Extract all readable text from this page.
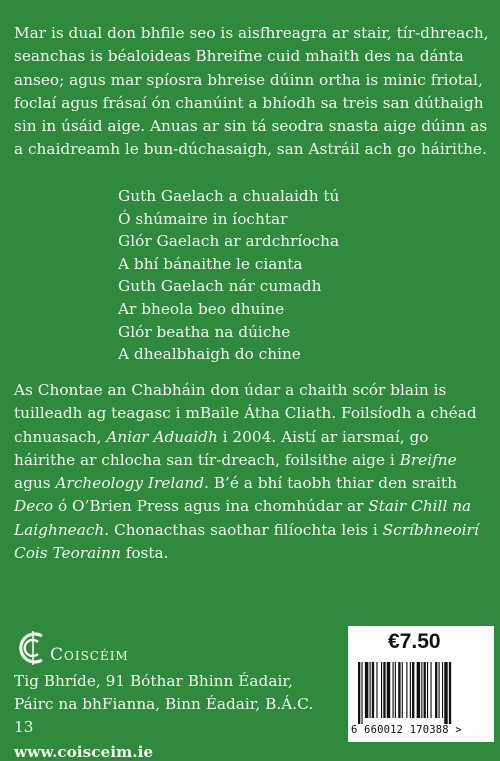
Mar is dual don bhfile seo is aisfhreagra ar stair, tír-dhreach, seanchas is béaloideas Bhreifne cuid mhaith des na dánta anseo; agus mar spíosra bhreise dúinn ortha is minic friotal, foclaí agus frásaí ón chanúint a bhíodh sa treis san dúthaigh sin in úsáid aige. Anuas ar sin tá seodra snasta aige dúinn as a chaidreamh le bun-dúchasaigh, san Astráil ach go háirithe.

Guth Gaelach a chualaidh tú
Ó shúmaire in íochtar
Glór Gaelach ar ardchríocha
A bhí bánaithe le cianta
Guth Gaelach nár cumadh
Ar bheola beo dhuine
Glór beatha na dúiche
A dhealbhaigh do chine

As Chontae an Chabháin don údar a chaith scór blain is tuilleadh ag teagasc i mBaile Átha Cliath. Foilsíodh a chéad chnuasach, Aniar Aduaidh i 2004. Aistí ar iarsmaí, go háirithe ar chlocha san tír-dreach, foilsithe aige i Breifne agus Archeology Ireland. B’é a bhí taobh thiar den sraith Deco ó O’Brien Press agus ina chomhúdar ar Stair Chill na Laighneach. Chonacthas saothar filíochta leis i Scríbhneoirí Cois Teorainn fosta.

Coiscéim
Tig Bhríde, 91 Bóthar Bhinn Éadair,
Páirc na bhFianna, Binn Éadair, B.Á.C. 13
www.coisceim.ie
€7.50
6 660012 170388 >
